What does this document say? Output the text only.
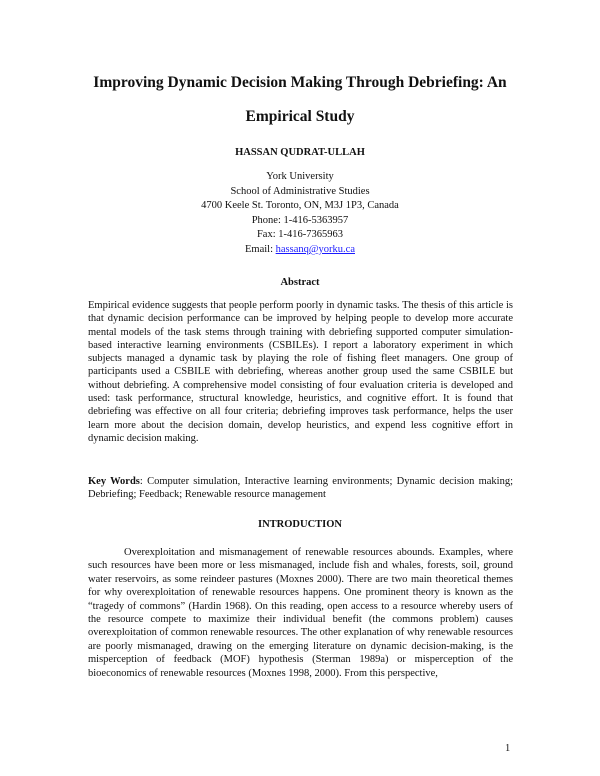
Improving Dynamic Decision Making Through Debriefing: An
Empirical Study
HASSAN QUDRAT-ULLAH
York University
School of Administrative Studies
4700 Keele St. Toronto, ON, M3J 1P3, Canada
Phone: 1-416-5363957
Fax: 1-416-7365963
Email: hassanq@yorku.ca
Abstract
Empirical evidence suggests that people perform poorly in dynamic tasks. The thesis of this article is that dynamic decision performance can be improved by helping people to develop more accurate mental models of the task stems through training with debriefing supported computer simulation-based interactive learning environments (CSBILEs). I report a laboratory experiment in which subjects managed a dynamic task by playing the role of fishing fleet managers. One group of participants used a CSBILE with debriefing, whereas another group used the same CSBILE but without debriefing. A comprehensive model consisting of four evaluation criteria is developed and used: task performance, structural knowledge, heuristics, and cognitive effort. It is found that debriefing was effective on all four criteria; debriefing improves task performance, helps the user learn more about the decision domain, develop heuristics, and expend less cognitive effort in dynamic decision making.
Key Words: Computer simulation, Interactive learning environments; Dynamic decision making; Debriefing; Feedback; Renewable resource management
INTRODUCTION
Overexploitation and mismanagement of renewable resources abounds. Examples, where such resources have been more or less mismanaged, include fish and whales, forests, soil, ground water reservoirs, as some reindeer pastures (Moxnes 2000). There are two main theoretical themes for why overexploitation of renewable resources happens. One prominent theory is known as the “tragedy of commons” (Hardin 1968). On this reading, open access to a resource whereby users of the resource compete to maximize their individual benefit (the commons problem) causes overexploitation of common renewable resources. The other explanation of why renewable resources are poorly mismanaged, drawing on the emerging literature on dynamic decision-making, is the misperception of feedback (MOF) hypothesis (Sterman 1989a) or misperception of the bioeconomics of renewable resources (Moxnes 1998, 2000). From this perspective,
1
